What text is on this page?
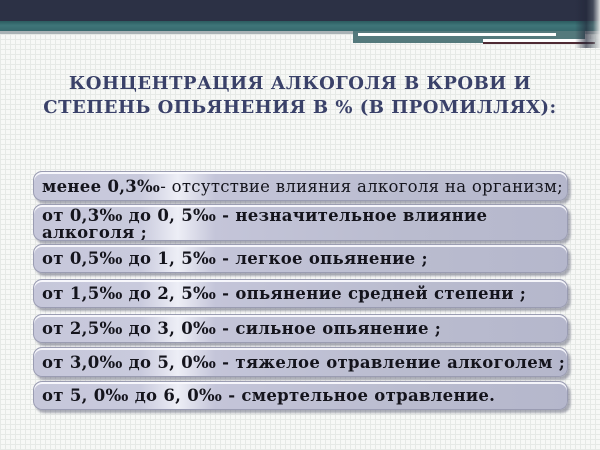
КОНЦЕНТРАЦИЯ АЛКОГОЛЯ В КРОВИ И
СТЕПЕНЬ ОПЬЯНЕНИЯ В % (В ПРОМИЛЛЯХ):
менее 0,3‰ - отсутствие влияния алкоголя на организм;
от 0,3‰ до 0, 5‰ - незначительное влияние алкоголя ;
от 0,5‰ до 1, 5‰ - легкое опьянение ;
от 1,5‰ до 2, 5‰ - опьянение средней степени ;
от 2,5‰ до 3, 0‰ - сильное опьянение ;
от 3,0‰ до 5, 0‰ - тяжелое отравление алкоголем ;
от 5, 0‰ до 6, 0‰ - смертельное отравление.
